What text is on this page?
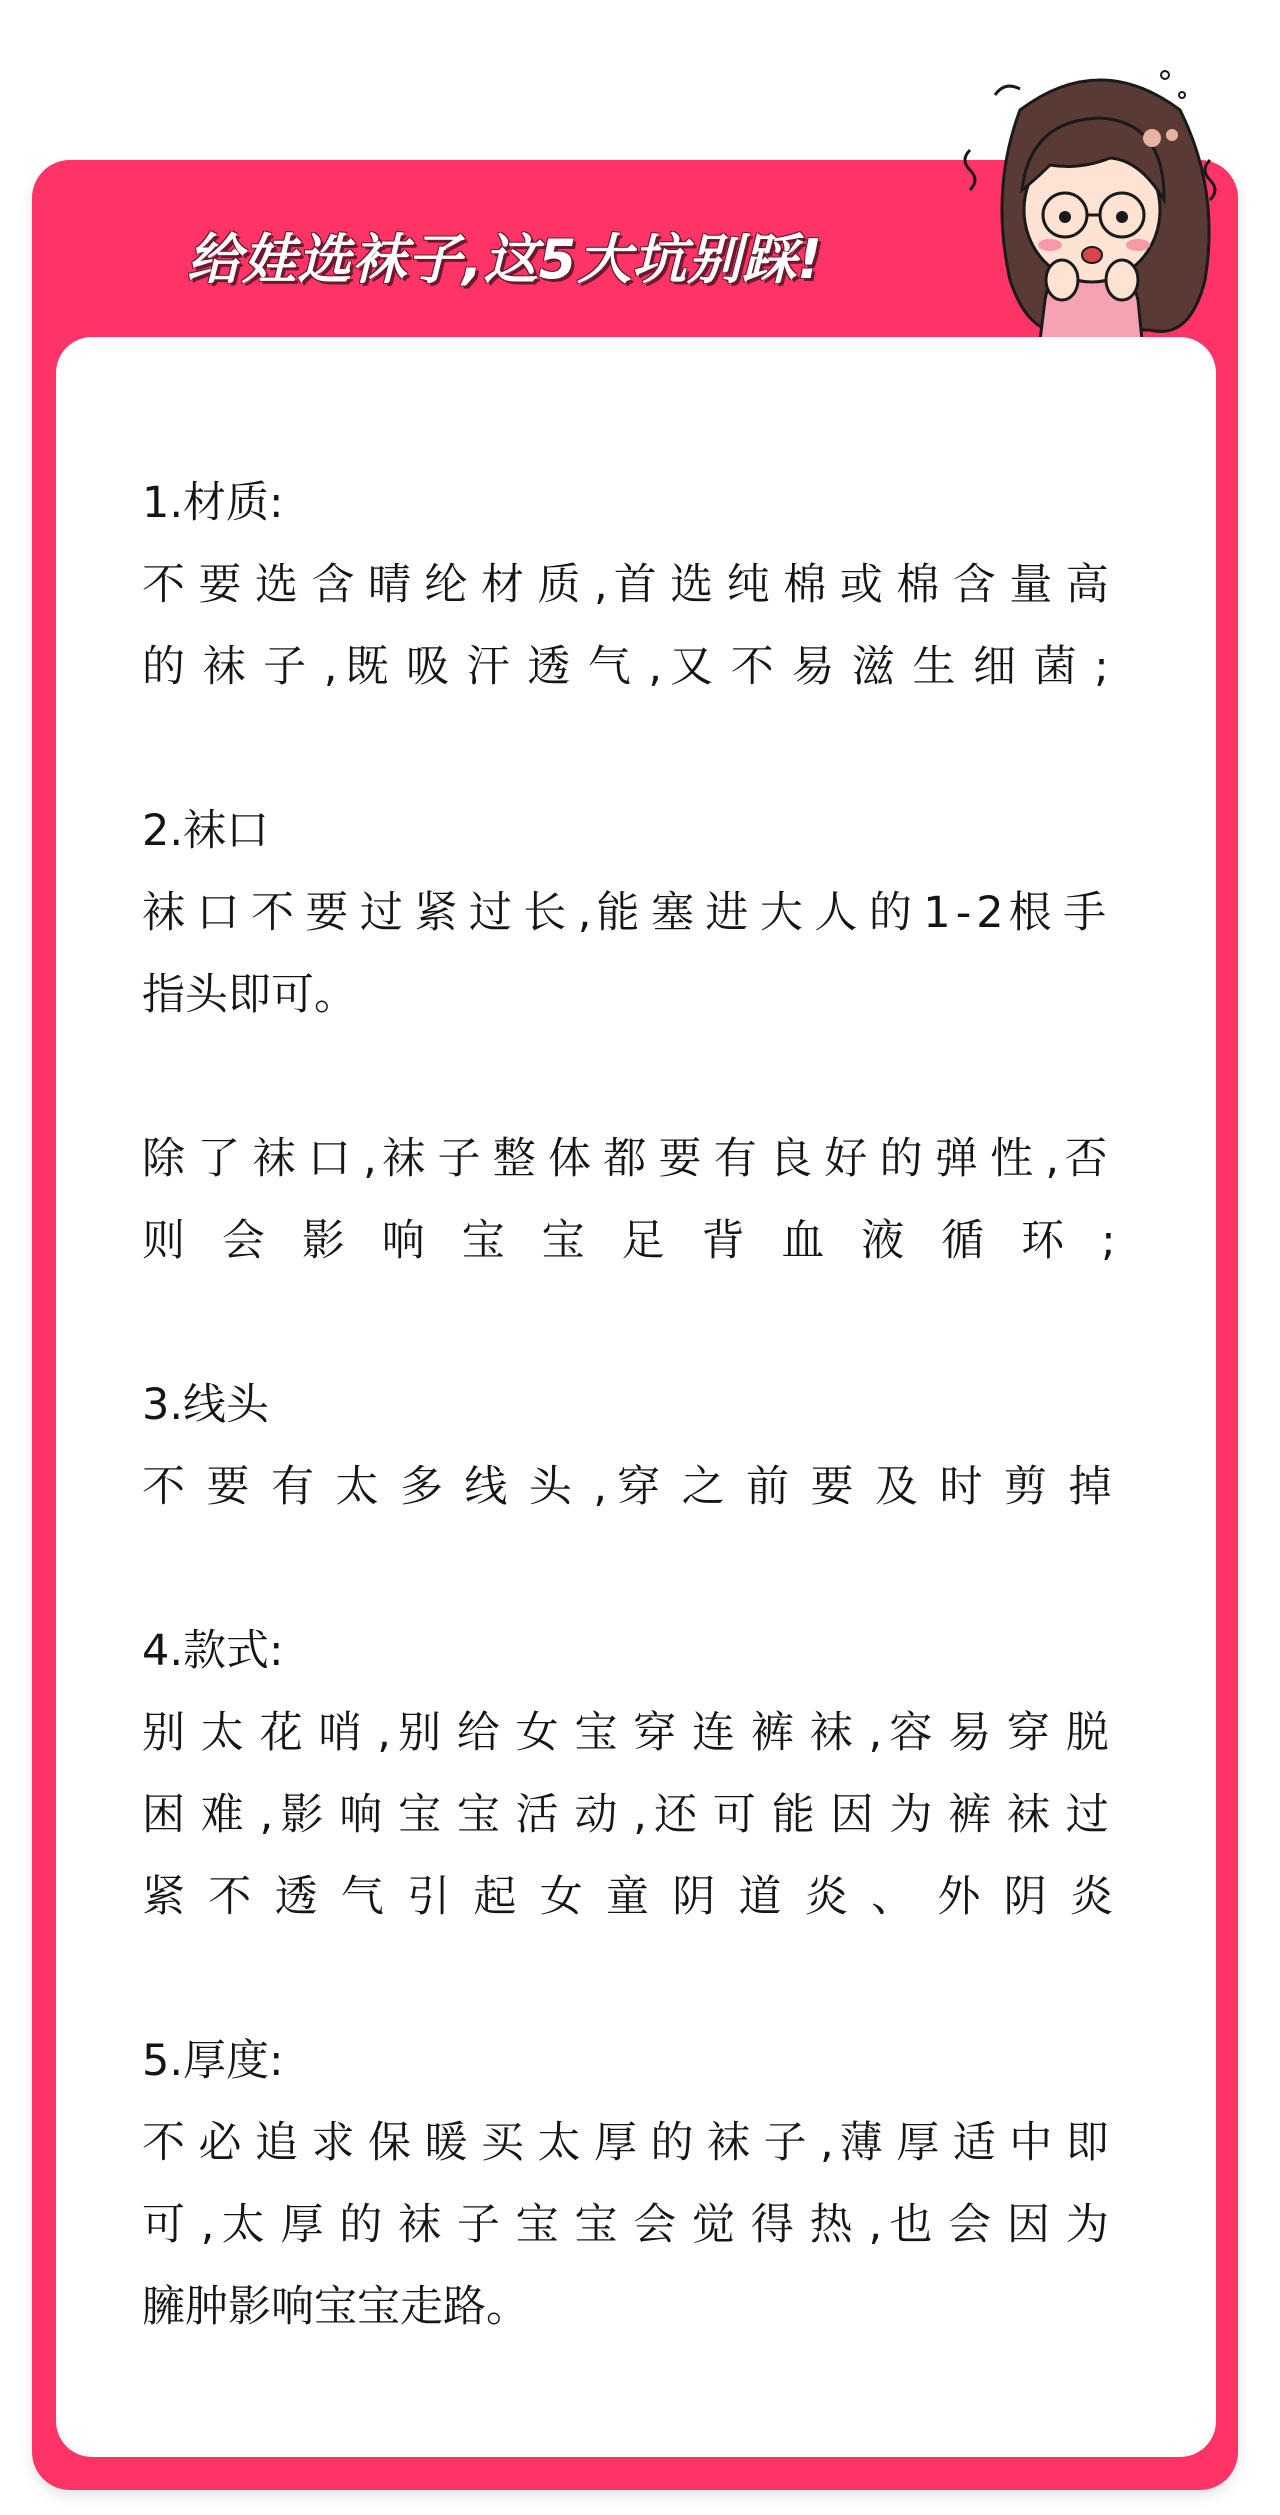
给娃选袜子,这5大坑别踩!
1.材质:
不 要 选 含 晴 纶 材 质 , 首 选 纯 棉 或 棉 含 量 高
的 袜 子 , 既 吸 汗 透 气 , 又 不 易 滋 生 细 菌 ;
2.袜口
袜 口 不 要 过 紧 过 长 , 能 塞 进 大 人 的 1 - 2 根 手
指头即可。
除 了 袜 口 , 袜 子 整 体 都 要 有 良 好 的 弹 性 , 否
则 会 影 响 宝 宝 足 背 血 液 循 环 ;
3.线头
不 要 有 太 多 线 头 , 穿 之 前 要 及 时 剪 掉
4.款式:
别 太 花 哨 , 别 给 女 宝 穿 连 裤 袜 , 容 易 穿 脱
困 难 , 影 响 宝 宝 活 动 , 还 可 能 因 为 裤 袜 过
紧 不 透 气 引 起 女 童 阴 道 炎 、 外 阴 炎
5.厚度:
不 必 追 求 保 暖 买 太 厚 的 袜 子 , 薄 厚 适 中 即
可 , 太 厚 的 袜 子 宝 宝 会 觉 得 热 , 也 会 因 为
臃肿影响宝宝走路。
